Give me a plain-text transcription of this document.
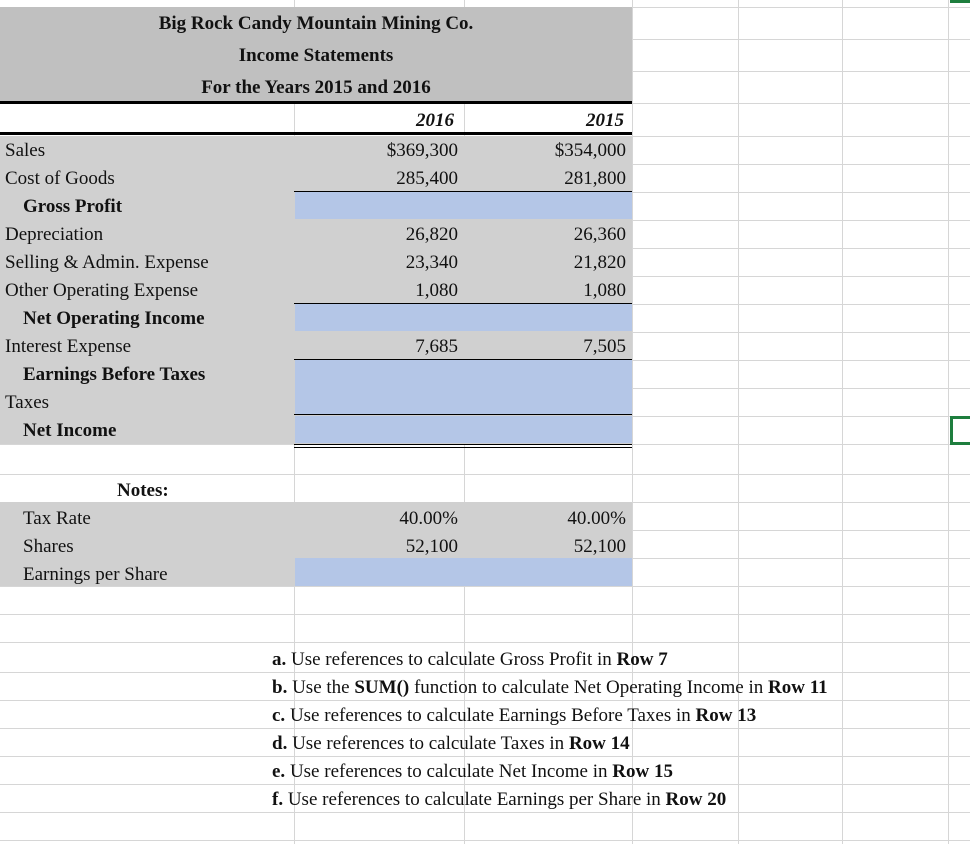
Big Rock Candy Mountain Mining Co.
Income Statements
For the Years 2015 and 2016
2016	2015
Sales	$369,300	$354,000
Cost of Goods	285,400	281,800
Gross Profit
Depreciation	26,820	26,360
Selling & Admin. Expense	23,340	21,820
Other Operating Expense	1,080	1,080
Net Operating Income
Interest Expense	7,685	7,505
Earnings Before Taxes
Taxes
Net Income
Notes:
Tax Rate	40.00%	40.00%
Shares	52,100	52,100
Earnings per Share
a. Use references to calculate Gross Profit in Row 7
b. Use the SUM() function to calculate Net Operating Income in Row 11
c. Use references to calculate Earnings Before Taxes in Row 13
d. Use references to calculate Taxes in Row 14
e. Use references to calculate Net Income in Row 15
f. Use references to calculate Earnings per Share in Row 20
